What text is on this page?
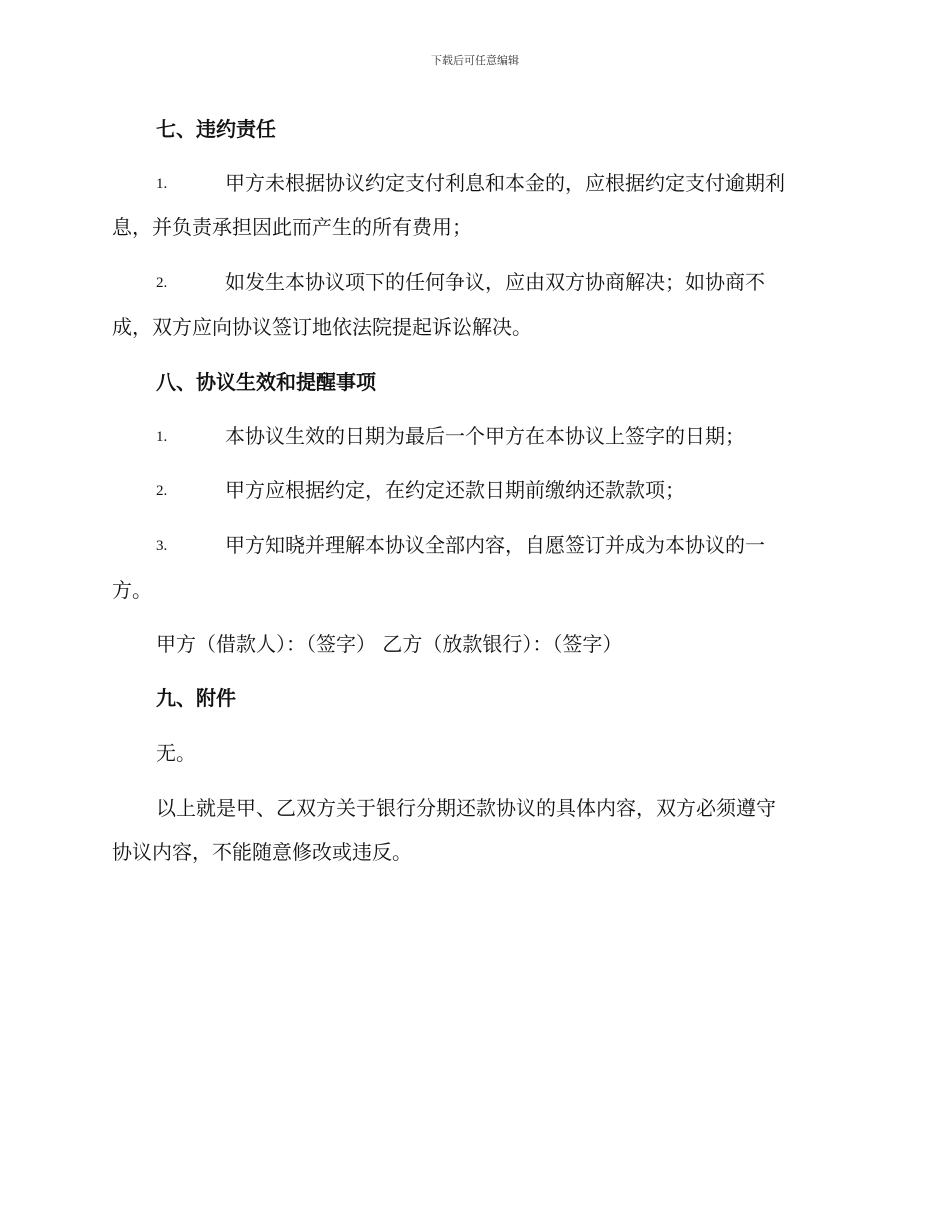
下载后可任意编辑
七、违约责任
1.	甲方未根据协议约定支付利息和本金的，应根据约定支付逾期利
息，并负责承担因此而产生的所有费用；
2.	如发生本协议项下的任何争议，应由双方协商解决；如协商不
成，双方应向协议签订地依法院提起诉讼解决。
八、协议生效和提醒事项
1.	本协议生效的日期为最后一个甲方在本协议上签字的日期；
2.	甲方应根据约定，在约定还款日期前缴纳还款款项；
3.	甲方知晓并理解本协议全部内容，自愿签订并成为本协议的一
方。
甲方（借款人）：（签字） 乙方（放款银行）：（签字）
九、附件
无。
以上就是甲、乙双方关于银行分期还款协议的具体内容，双方必须遵守
协议内容，不能随意修改或违反。
